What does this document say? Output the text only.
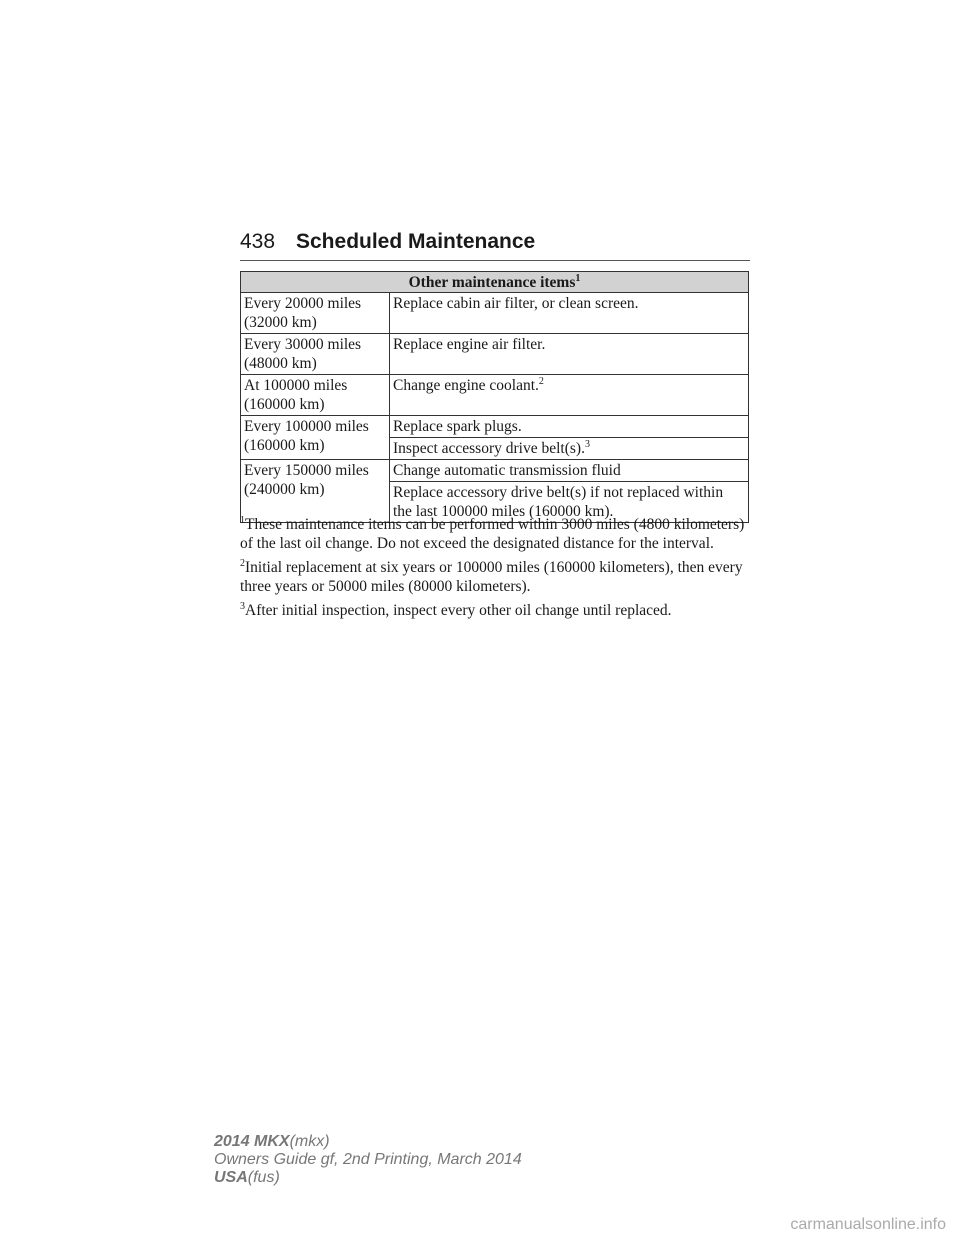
438 Scheduled Maintenance
Other maintenance items$^1$

Every 20000 miles
(32000 km)	Replace cabin air filter, or clean screen.

Every 30000 miles
(48000 km)	Replace engine air filter.

At 100000 miles
(160000 km)	Change engine coolant.$^2$

Every 100000 miles
(160000 km)	Replace spark plugs.
	Inspect accessory drive belt(s).$^3$

Every 150000 miles
(240000 km)	Change automatic transmission fluid
	Replace accessory drive belt(s) if not replaced within the last 100000 miles (160000 km).

$^1$These maintenance items can be performed within 3000 miles (4800 kilometers) of the last oil change. Do not exceed the designated distance for the interval.

$^2$Initial replacement at six years or 100000 miles (160000 kilometers), then every three years or 50000 miles (80000 kilometers).

$^3$After initial inspection, inspect every other oil change until replaced.

2014 MKX(mkx)
Owners Guide gf, 2nd Printing, March 2014
USA(fus)
carmanualsonline.info
